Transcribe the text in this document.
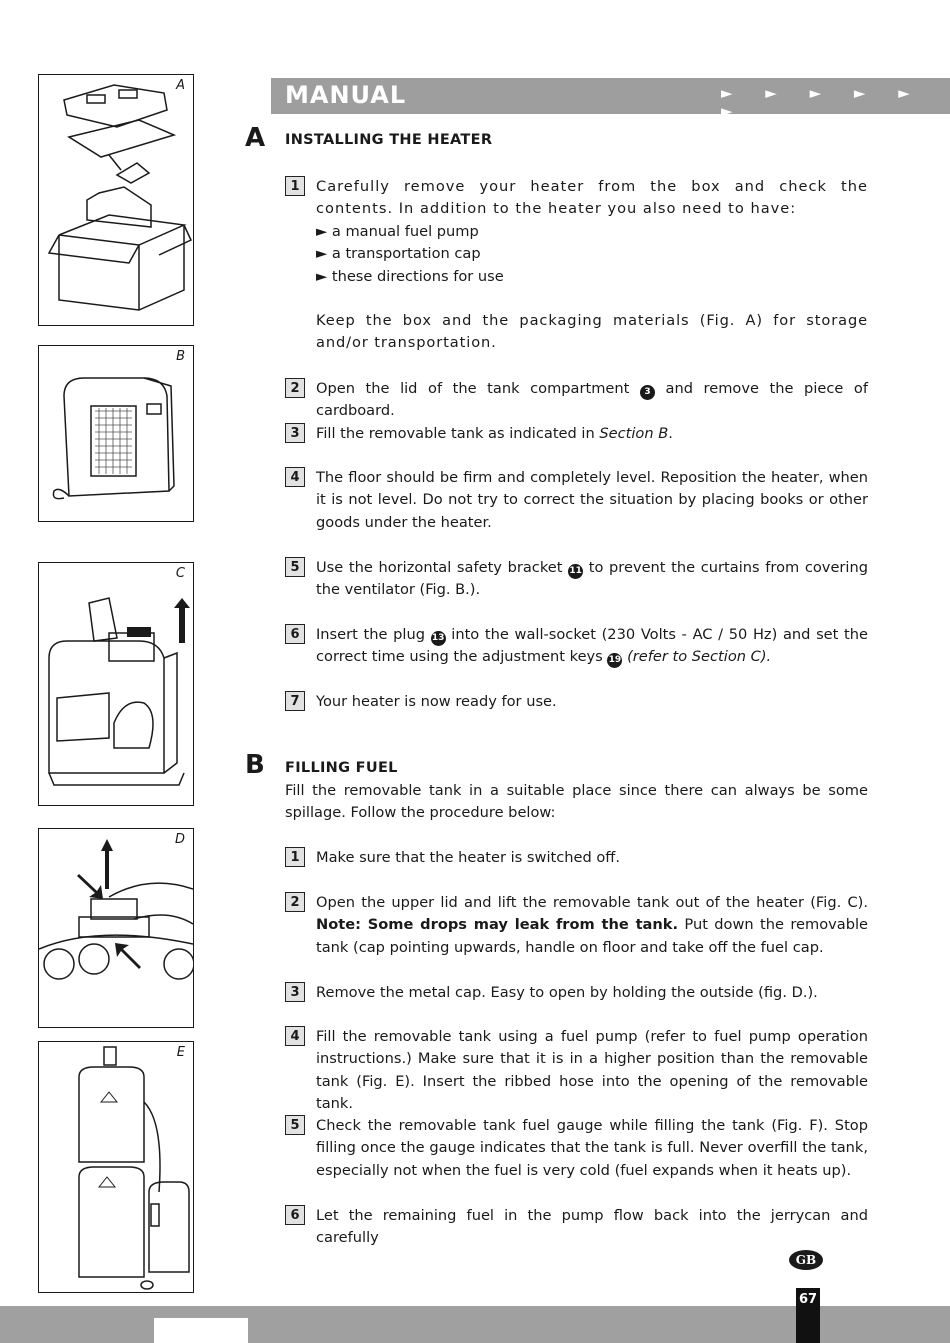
A
B
C
D
E
MANUAL	► ► ► ► ► ►
A INSTALLING THE HEATER
1	Carefully remove your heater from the box and check the contents. In addition to the heater you also need to have:
► a manual fuel pump
► a transportation cap
► these directions for use
Keep the box and the packaging materials (Fig. A) for storage and/or transportation.
2	Open the lid of the tank compartment 3 and remove the piece of cardboard.
3	Fill the removable tank as indicated in Section B.
4	The floor should be firm and completely level. Reposition the heater, when it is not level. Do not try to correct the situation by placing books or other goods under the heater.
5	Use the horizontal safety bracket 11 to prevent the curtains from covering the ventilator (Fig. B.).
6	Insert the plug 13 into the wall-socket (230 Volts - AC / 50 Hz) and set the correct time using the adjustment keys 19 (refer to Section C).
7	Your heater is now ready for use.
B FILLING FUEL
Fill the removable tank in a suitable place since there can always be some spillage. Follow the procedure below:
1	Make sure that the heater is switched off.
2	Open the upper lid and lift the removable tank out of the heater (Fig. C). Note: Some drops may leak from the tank. Put down the removable tank (cap pointing upwards, handle on floor and take off the fuel cap.
3	Remove the metal cap. Easy to open by holding the outside (fig. D.).
4	Fill the removable tank using a fuel pump (refer to fuel pump operation instructions.) Make sure that it is in a higher position than the removable tank (Fig. E). Insert the ribbed hose into the opening of the removable tank.
5	Check the removable tank fuel gauge while filling the tank (Fig. F). Stop filling once the gauge indicates that the tank is full. Never overfill the tank, especially not when the fuel is very cold (fuel expands when it heats up).
6	Let the remaining fuel in the pump flow back into the jerrycan and carefully
GB
67
